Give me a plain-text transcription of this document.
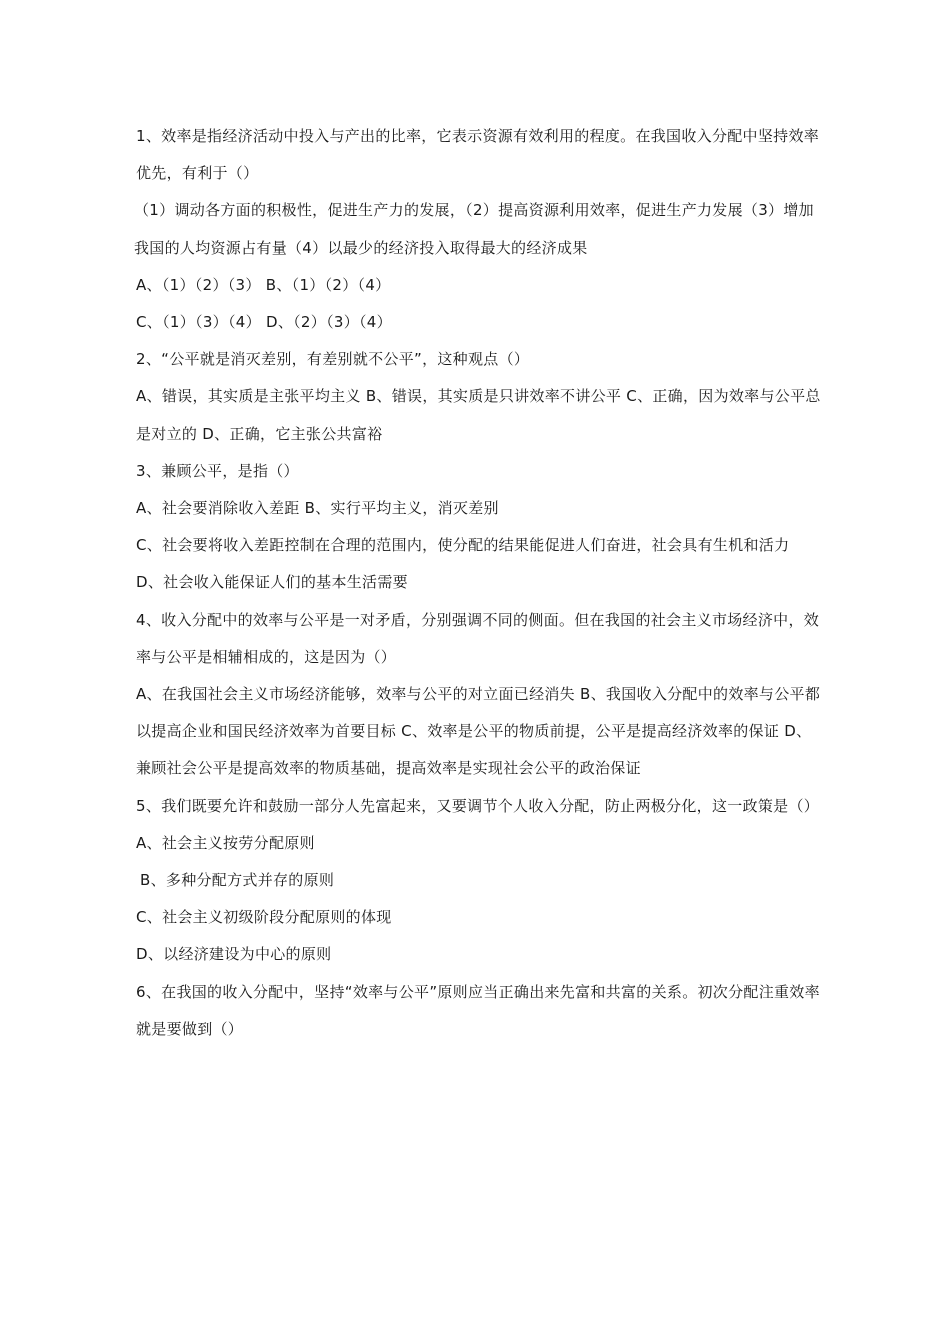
1、效率是指经济活动中投入与产出的比率，它表示资源有效利用的程度。在我国收入分配中坚持效率优先，有利于（）

（1）调动各方面的积极性，促进生产力的发展，（2）提高资源利用效率，促进生产力发展（3）增加我国的人均资源占有量（4）以最少的经济投入取得最大的经济成果

A、（1）（2）（3） B、（1）（2）（4）

C、（1）（3）（4） D、（2）（3）（4）

2、“公平就是消灭差别，有差别就不公平”，这种观点（）

A、错误，其实质是主张平均主义 B、错误，其实质是只讲效率不讲公平 C、正确，因为效率与公平总是对立的 D、正确，它主张公共富裕

3、兼顾公平，是指（）

A、社会要消除收入差距 B、实行平均主义，消灭差别

C、社会要将收入差距控制在合理的范围内，使分配的结果能促进人们奋进，社会具有生机和活力

D、社会收入能保证人们的基本生活需要

4、收入分配中的效率与公平是一对矛盾，分别强调不同的侧面。但在我国的社会主义市场经济中，效率与公平是相辅相成的，这是因为（）

A、在我国社会主义市场经济能够，效率与公平的对立面已经消失 B、我国收入分配中的效率与公平都以提高企业和国民经济效率为首要目标 C、效率是公平的物质前提，公平是提高经济效率的保证 D、兼顾社会公平是提高效率的物质基础，提高效率是实现社会公平的政治保证

5、我们既要允许和鼓励一部分人先富起来，又要调节个人收入分配，防止两极分化，这一政策是（）

A、社会主义按劳分配原则

B、多种分配方式并存的原则

C、社会主义初级阶段分配原则的体现

D、以经济建设为中心的原则

6、在我国的收入分配中，坚持“效率与公平”原则应当正确出来先富和共富的关系。初次分配注重效率就是要做到（）
